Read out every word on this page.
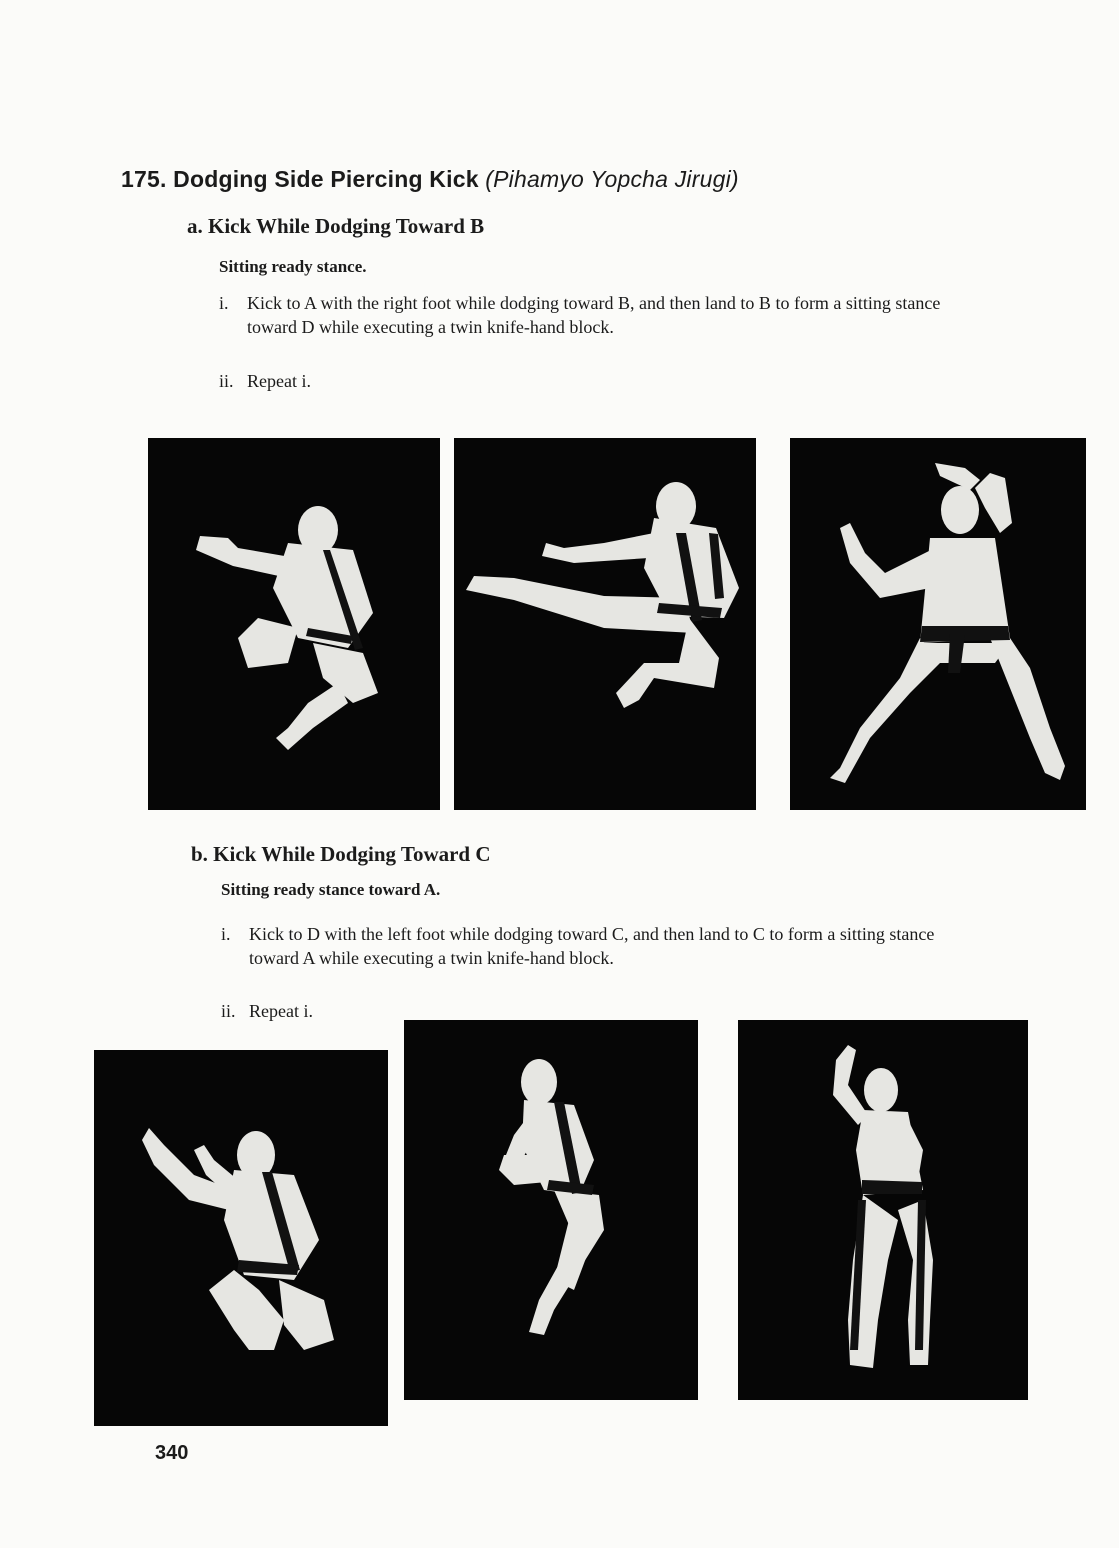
175. Dodging Side Piercing Kick (Pihamyo Yopcha Jirugi)
a. Kick While Dodging Toward B
Sitting ready stance.
i. Kick to A with the right foot while dodging toward B, and then land to B to form a sitting stance toward D while executing a twin knife-hand block.
ii. Repeat i.
b. Kick While Dodging Toward C
Sitting ready stance toward A.
i. Kick to D with the left foot while dodging toward C, and then land to C to form a sitting stance toward A while executing a twin knife-hand block.
ii. Repeat i.
340
